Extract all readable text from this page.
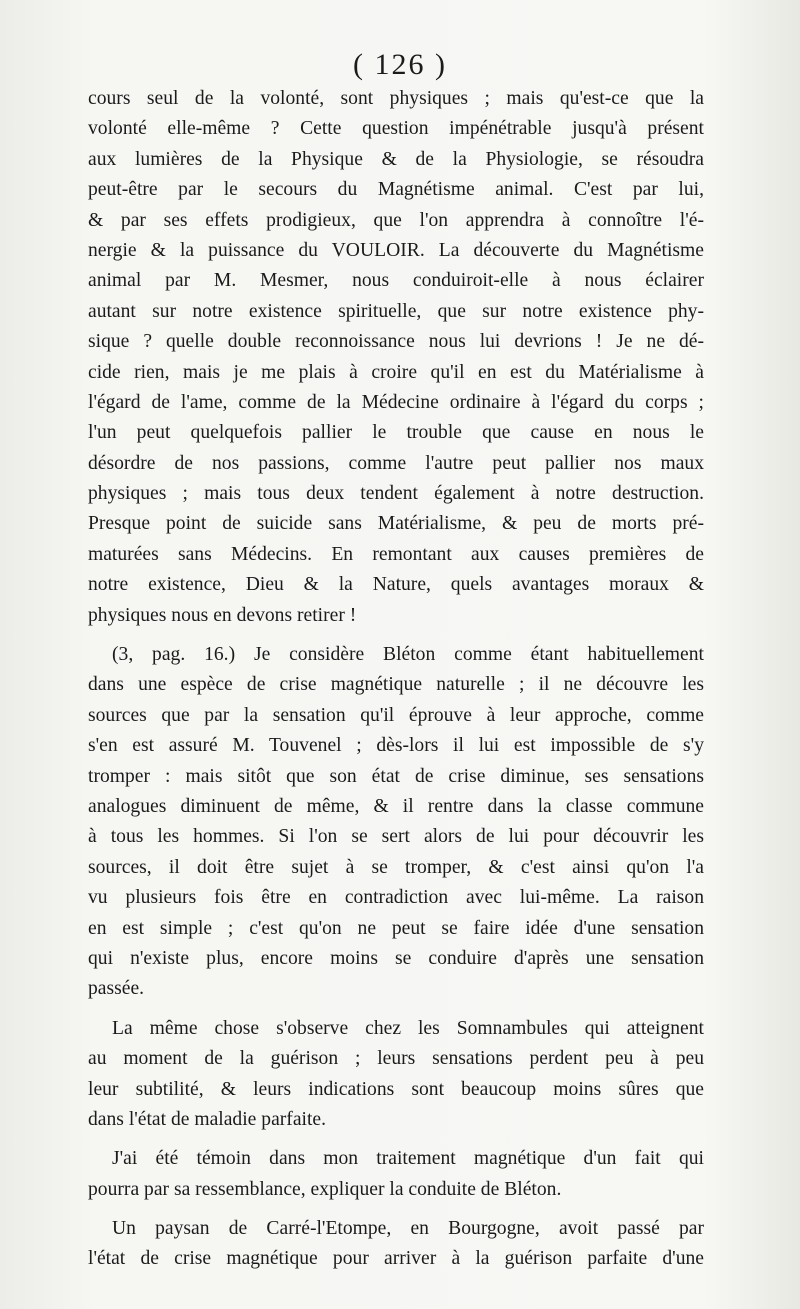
( 126 )
cours seul de la volonté, sont physiques ; mais qu'est-ce que la
volonté elle-même ? Cette question impénétrable jusqu'à présent
aux lumières de la Physique & de la Physiologie, se résoudra
peut-être par le secours du Magnétisme animal. C'est par lui,
& par ses effets prodigieux, que l'on apprendra à connoître l'é-
nergie & la puissance du VOULOIR. La découverte du Magnétisme
animal par M. Mesmer, nous conduiroit-elle à nous éclairer
autant sur notre existence spirituelle, que sur notre existence phy-
sique ? quelle double reconnoissance nous lui devrions ! Je ne dé-
cide rien, mais je me plais à croire qu'il en est du Matérialisme à
l'égard de l'ame, comme de la Médecine ordinaire à l'égard du corps ;
l'un peut quelquefois pallier le trouble que cause en nous le
désordre de nos passions, comme l'autre peut pallier nos maux
physiques ; mais tous deux tendent également à notre destruction.
Presque point de suicide sans Matérialisme, & peu de morts pré-
maturées sans Médecins. En remontant aux causes premières de
notre existence, Dieu & la Nature, quels avantages moraux &
physiques nous en devons retirer !
(3, pag. 16.) Je considère Bléton comme étant habituellement
dans une espèce de crise magnétique naturelle ; il ne découvre les
sources que par la sensation qu'il éprouve à leur approche, comme
s'en est assuré M. Touvenel ; dès-lors il lui est impossible de s'y
tromper : mais sitôt que son état de crise diminue, ses sensations
analogues diminuent de même, & il rentre dans la classe commune
à tous les hommes. Si l'on se sert alors de lui pour découvrir les
sources, il doit être sujet à se tromper, & c'est ainsi qu'on l'a
vu plusieurs fois être en contradiction avec lui-même. La raison
en est simple ; c'est qu'on ne peut se faire idée d'une sensation
qui n'existe plus, encore moins se conduire d'après une sensation
passée.
La même chose s'observe chez les Somnambules qui atteignent
au moment de la guérison ; leurs sensations perdent peu à peu
leur subtilité, & leurs indications sont beaucoup moins sûres que
dans l'état de maladie parfaite.
J'ai été témoin dans mon traitement magnétique d'un fait qui
pourra par sa ressemblance, expliquer la conduite de Bléton.
Un paysan de Carré-l'Etompe, en Bourgogne, avoit passé par
l'état de crise magnétique pour arriver à la guérison parfaite d'une
